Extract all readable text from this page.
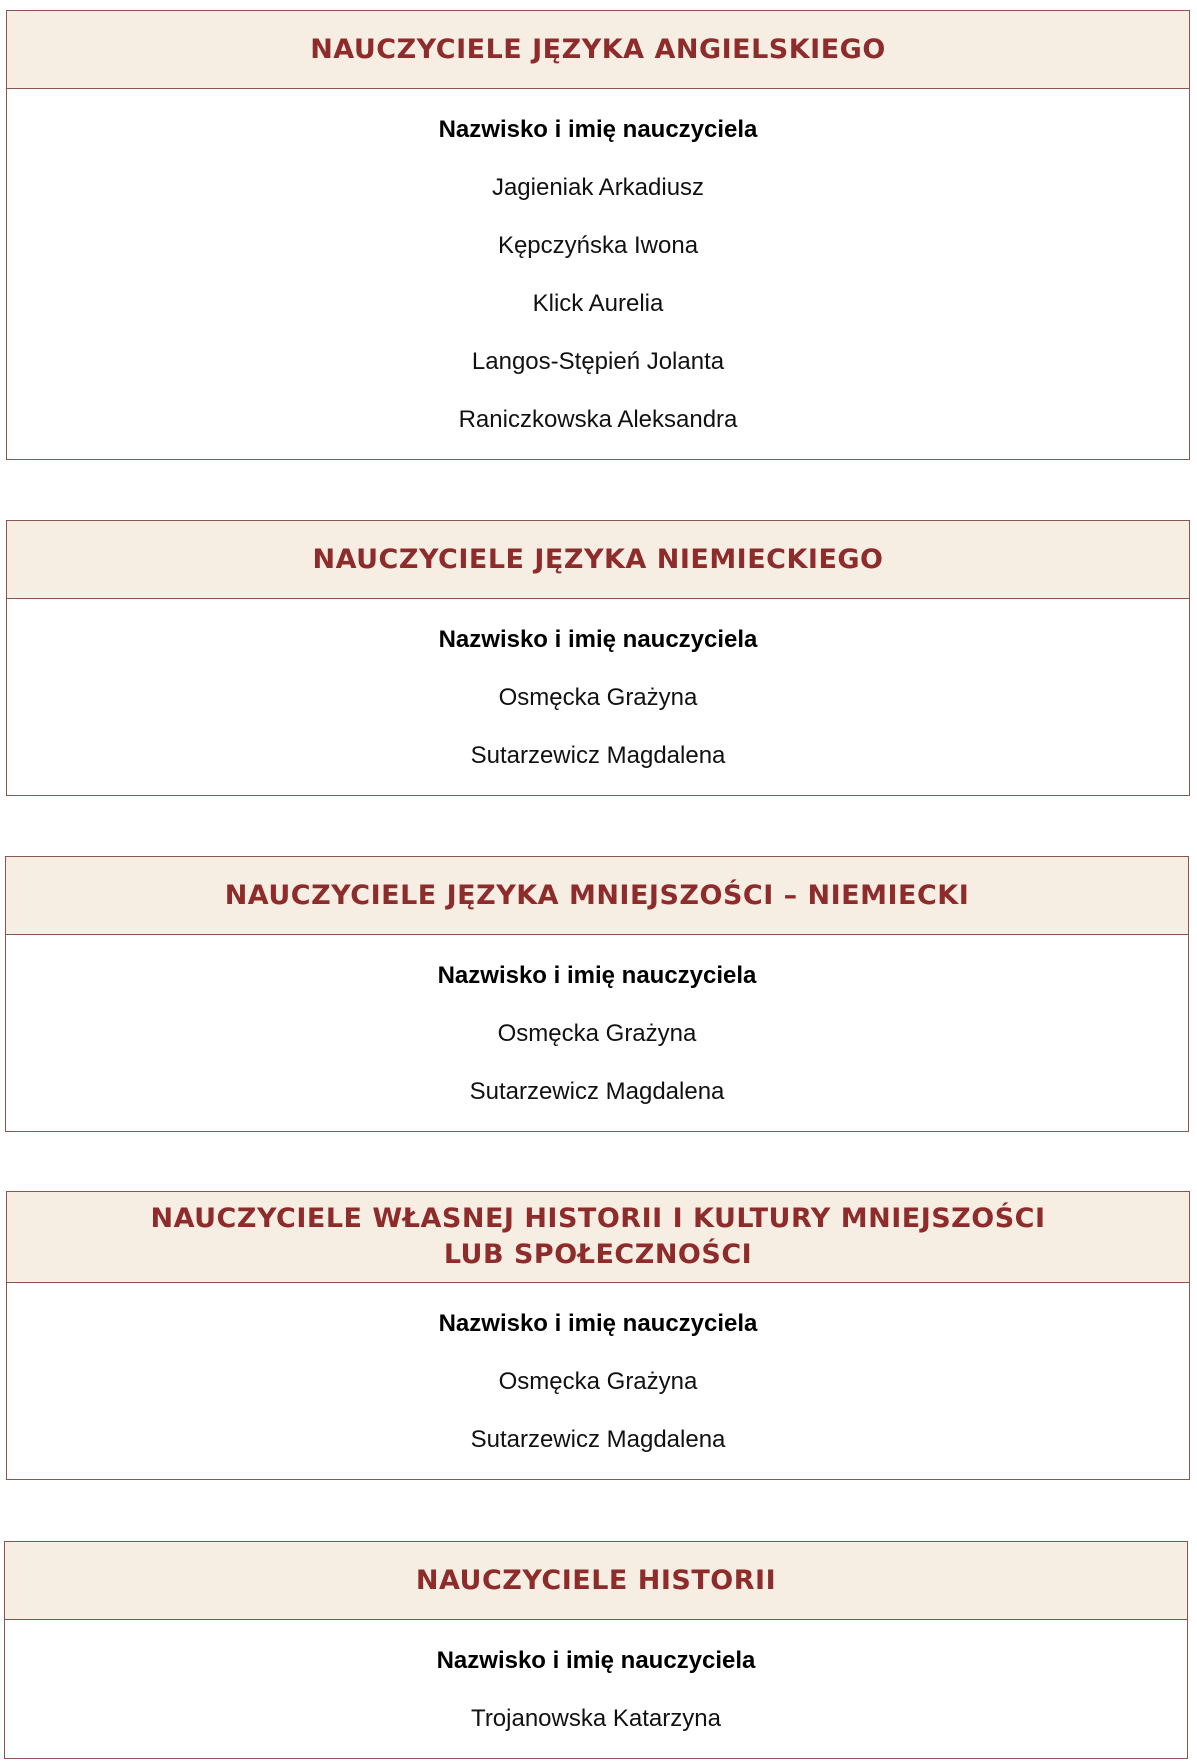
NAUCZYCIELE JĘZYKA ANGIELSKIEGO
Nazwisko i imię nauczyciela
Jagieniak Arkadiusz
Kępczyńska Iwona
Klick Aurelia
Langos-Stępień Jolanta
Raniczkowska Aleksandra
NAUCZYCIELE JĘZYKA NIEMIECKIEGO
Nazwisko i imię nauczyciela
Osmęcka Grażyna
Sutarzewicz Magdalena
NAUCZYCIELE JĘZYKA MNIEJSZOŚCI – NIEMIECKI
Nazwisko i imię nauczyciela
Osmęcka Grażyna
Sutarzewicz Magdalena
NAUCZYCIELE WŁASNEJ HISTORII I KULTURY MNIEJSZOŚCI
LUB SPOŁECZNOŚCI
Nazwisko i imię nauczyciela
Osmęcka Grażyna
Sutarzewicz Magdalena
NAUCZYCIELE HISTORII
Nazwisko i imię nauczyciela
Trojanowska Katarzyna
